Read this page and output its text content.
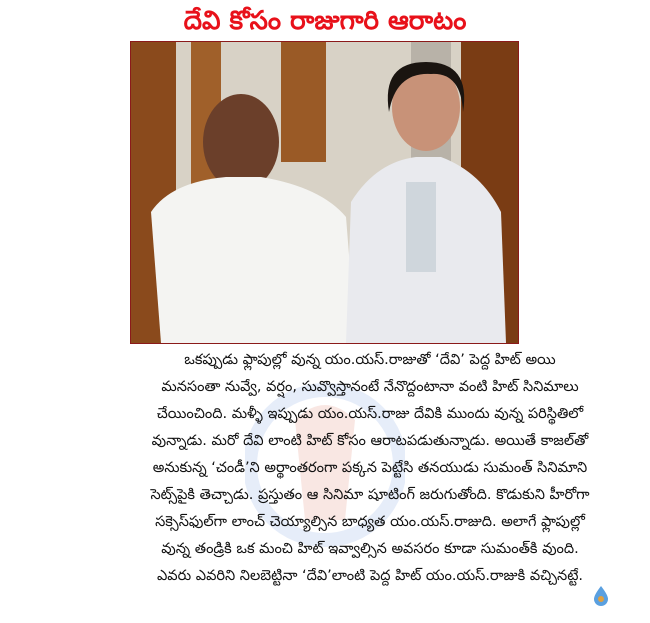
దేవి కోసం రాజుగారి ఆరాటం

ఒకప్పుడు ఫ్లాపుల్లో వున్న యం.యస్.రాజుతో ‘దేవి’ పెద్ద హిట్ అయి

మనసంతా నువ్వే, వర్షం, సువ్వొస్తానంటే నేనొద్దంటానా వంటి హిట్ సినిమాలు

చేయించింది. మళ్ళీ ఇప్పుడు యం.యస్.రాజు దేవికి ముందు వున్న పరిస్థితిలో

వున్నాడు. మరో దేవి లాంటి హిట్ కోసం ఆరాటపడుతున్నాడు. అయితే కాజల్‌తో

అనుకున్న ‘చండీ’ని అర్థాంతరంగా పక్కన పెట్టేసి తనయుడు సుమంత్ సినిమాని

సెట్స్‌పైకి తెచ్చాడు. ప్రస్తుతం ఆ సినిమా షూటింగ్ జరుగుతోంది. కొడుకుని హీరోగా

సక్సెస్‌ఫుల్‌గా లాంచ్ చెయ్యాల్సిన బాధ్యత యం.యస్.రాజుది. అలాగే ఫ్లాపుల్లో

వున్న తండ్రికి ఒక మంచి హిట్ ఇవ్వాల్సిన అవసరం కూడా సుమంత్‌కి వుంది.

ఎవరు ఎవరిని నిలబెట్టినా ‘దేవి’లాంటి పెద్ద హిట్ యం.యస్.రాజుకి వచ్చినట్టే.
